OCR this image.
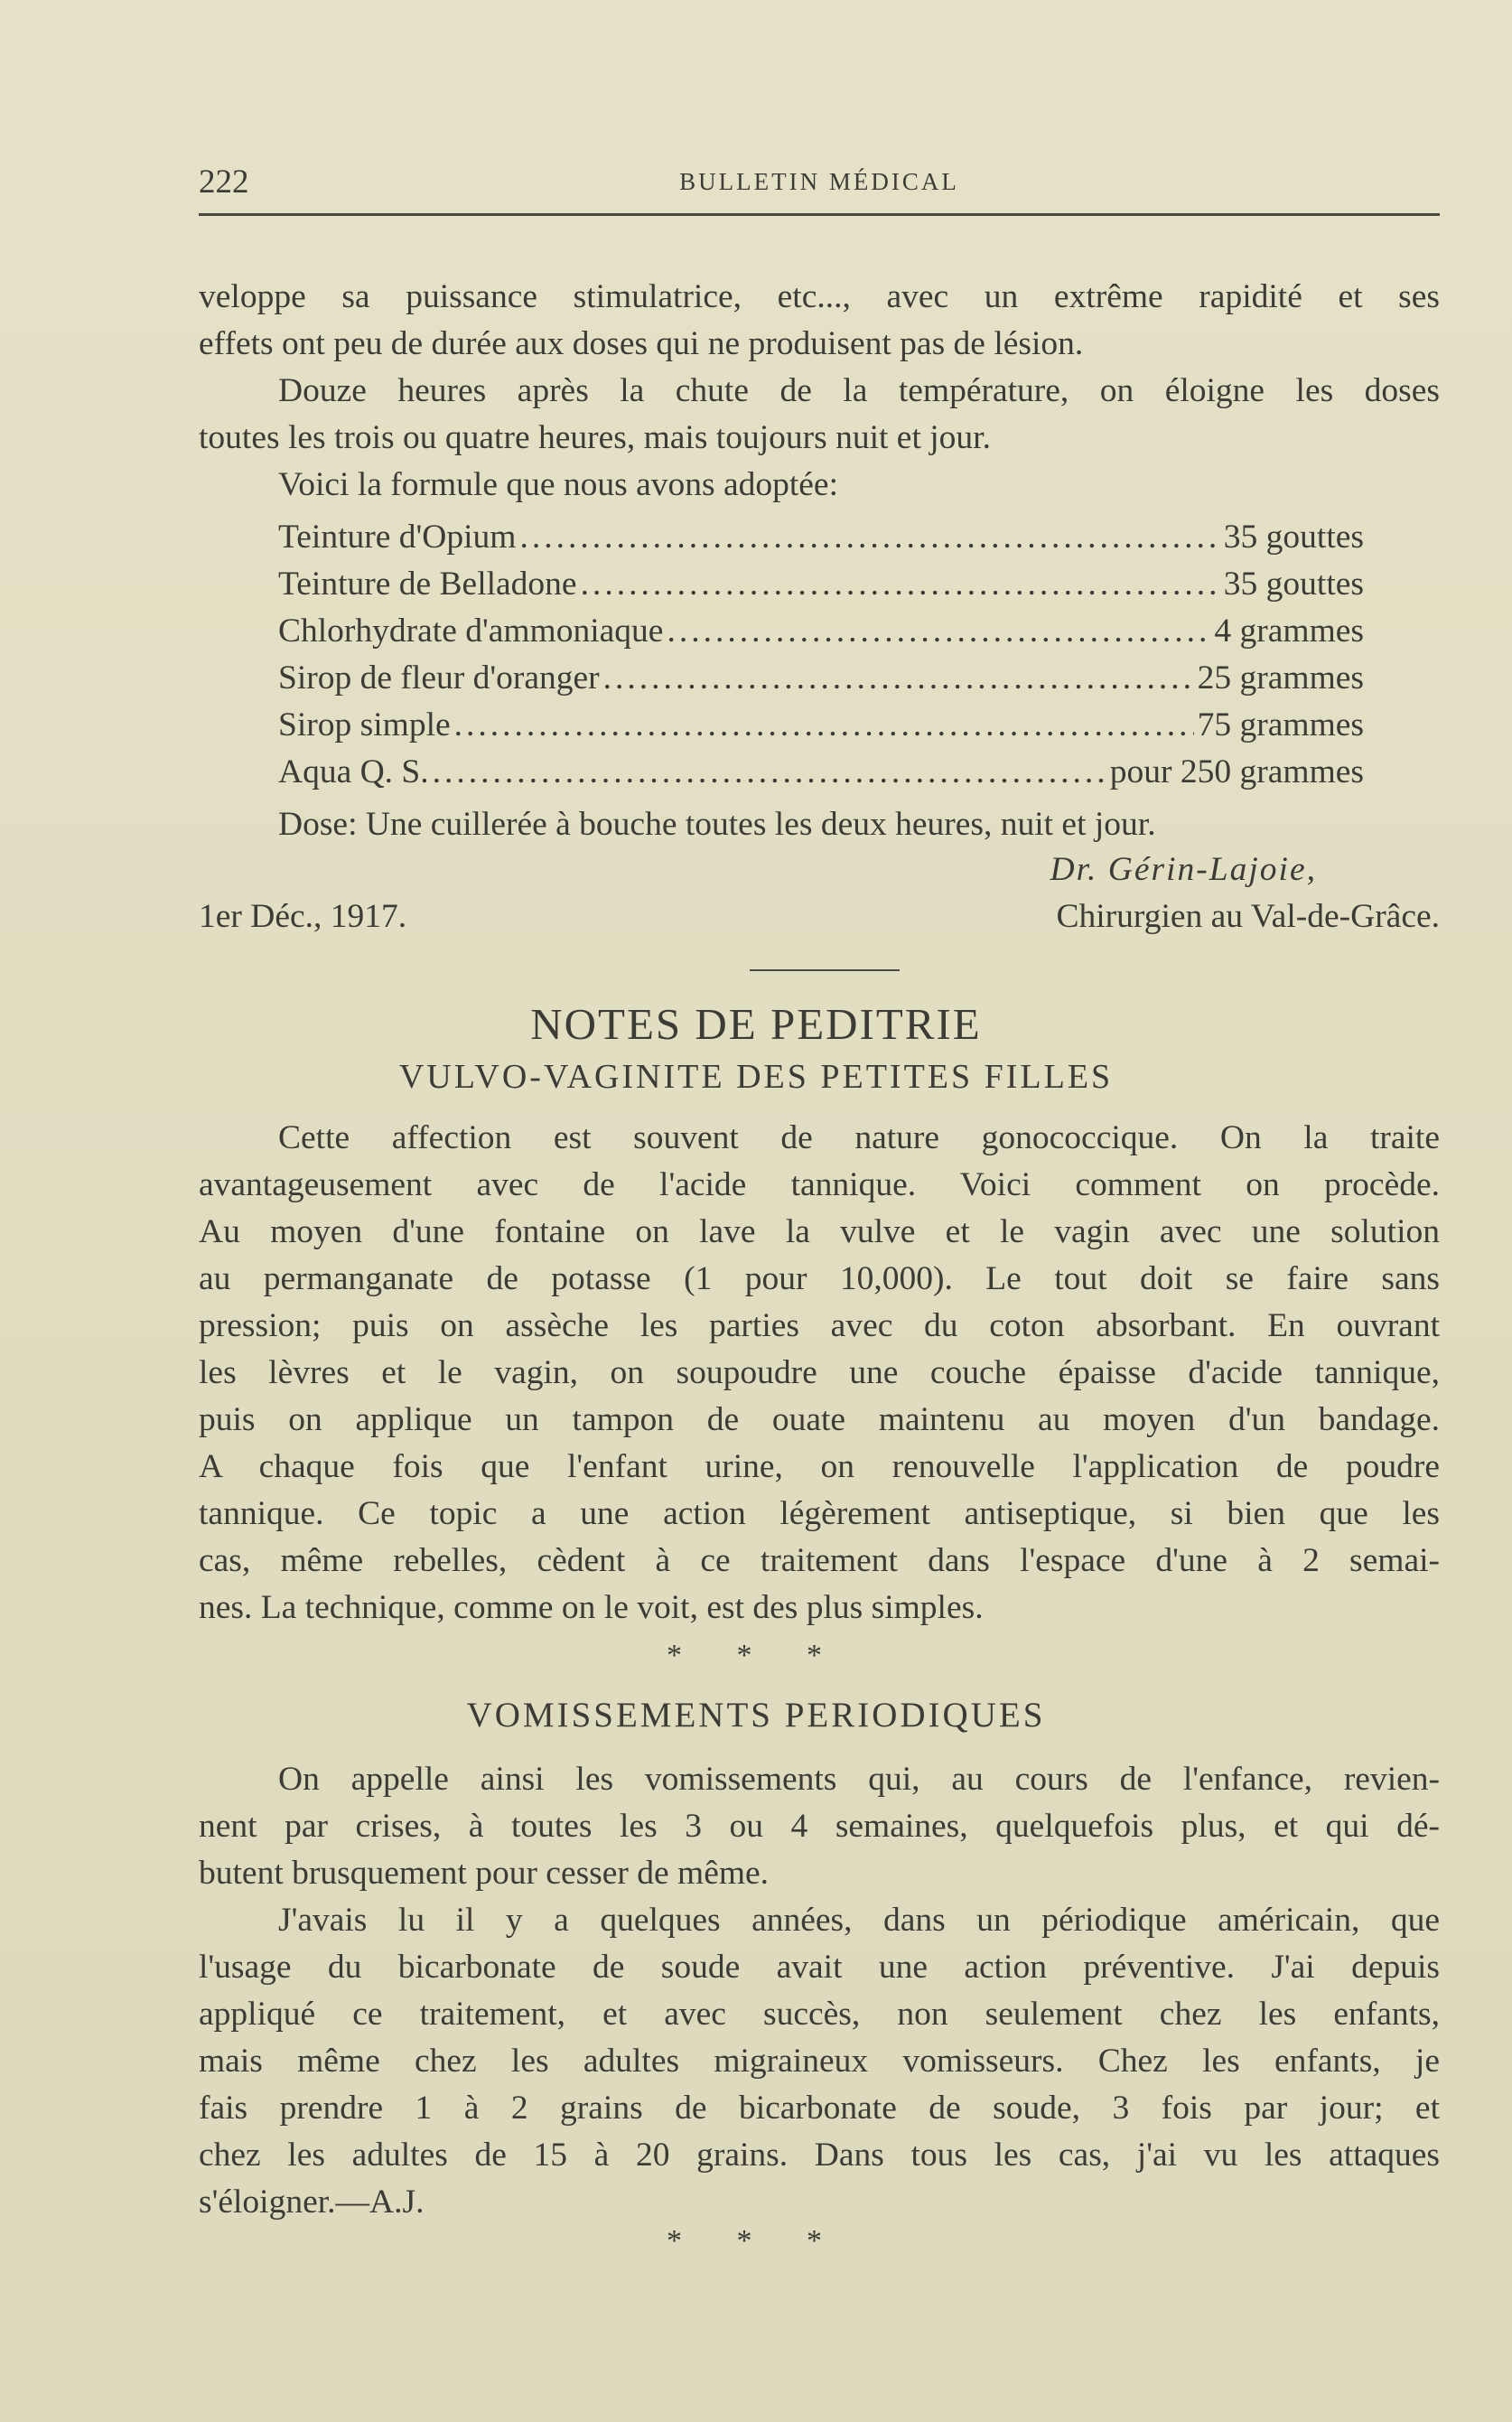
222	BULLETIN MÉDICAL
veloppe sa puissance stimulatrice, etc..., avec un extrême rapidité et ses
effets ont peu de durée aux doses qui ne produisent pas de lésion.
Douze heures après la chute de la température, on éloigne les doses
toutes les trois ou quatre heures, mais toujours nuit et jour.
Voici la formule que nous avons adoptée:
Teinture d'Opium .....	35 gouttes
Teinture de Belladone .....	35 gouttes
Chlorhydrate d'ammoniaque .....	4 grammes
Sirop de fleur d'oranger .....	25 grammes
Sirop simple .....	75 grammes
Aqua Q. S. .....	pour 250 grammes
Dose: Une cuillerée à bouche toutes les deux heures, nuit et jour.
Dr. Gérin-Lajoie,
1er Déc., 1917.	Chirurgien au Val-de-Grâce.
NOTES DE PEDITRIE
VULVO-VAGINITE DES PETITES FILLES
Cette affection est souvent de nature gonococcique. On la traite
avantageusement avec de l'acide tannique. Voici comment on procède.
Au moyen d'une fontaine on lave la vulve et le vagin avec une solution
au permanganate de potasse (1 pour 10,000). Le tout doit se faire sans
pression; puis on assèche les parties avec du coton absorbant. En ouvrant
les lèvres et le vagin, on soupoudre une couche épaisse d'acide tannique,
puis on applique un tampon de ouate maintenu au moyen d'un bandage.
A chaque fois que l'enfant urine, on renouvelle l'application de poudre
tannique. Ce topic a une action légèrement antiseptique, si bien que les
cas, même rebelles, cèdent à ce traitement dans l'espace d'une à 2 semai-
nes. La technique, comme on le voit, est des plus simples.
* * *
VOMISSEMENTS PERIODIQUES
On appelle ainsi les vomissements qui, au cours de l'enfance, revien-
nent par crises, à toutes les 3 ou 4 semaines, quelquefois plus, et qui dé-
butent brusquement pour cesser de même.
J'avais lu il y a quelques années, dans un périodique américain, que
l'usage du bicarbonate de soude avait une action préventive. J'ai depuis
appliqué ce traitement, et avec succès, non seulement chez les enfants,
mais même chez les adultes migraineux vomisseurs. Chez les enfants, je
fais prendre 1 à 2 grains de bicarbonate de soude, 3 fois par jour; et
chez les adultes de 15 à 20 grains. Dans tous les cas, j'ai vu les attaques
s'éloigner.—A.J.
* * *
